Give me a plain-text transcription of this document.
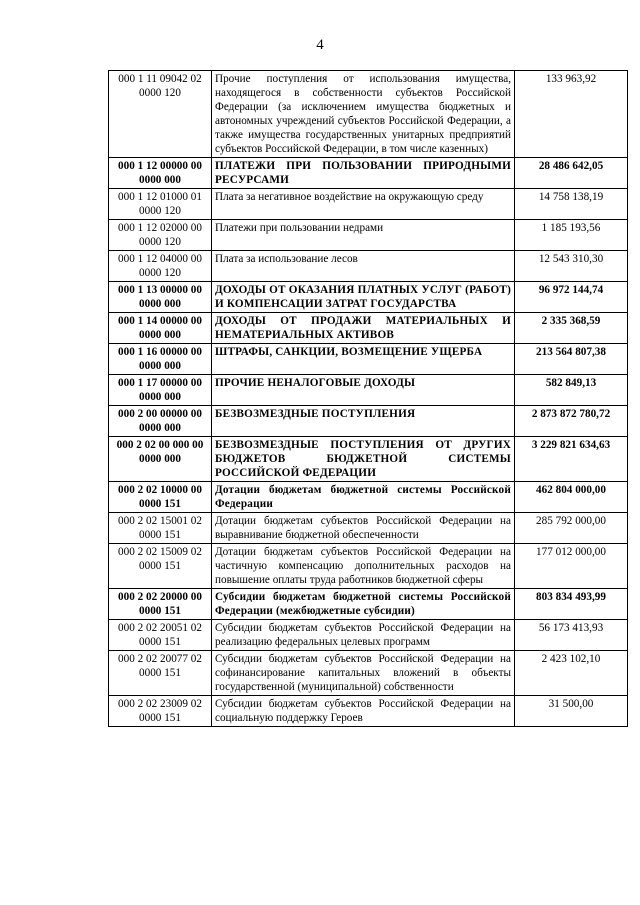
4
000 1 11 09042 02 0000 120	Прочие поступления от использования имущества, находящегося в собственности субъектов Российской Федерации (за исключением имущества бюджетных и автономных учреждений субъектов Российской Федерации, а также имущества государственных унитарных предприятий субъектов Российской Федерации, в том числе казенных)	133 963,92
000 1 12 00000 00 0000 000	ПЛАТЕЖИ ПРИ ПОЛЬЗОВАНИИ ПРИРОДНЫМИ РЕСУРСАМИ	28 486 642,05
000 1 12 01000 01 0000 120	Плата за негативное воздействие на окружающую среду	14 758 138,19
000 1 12 02000 00 0000 120	Платежи при пользовании недрами	1 185 193,56
000 1 12 04000 00 0000 120	Плата за использование лесов	12 543 310,30
000 1 13 00000 00 0000 000	ДОХОДЫ ОТ ОКАЗАНИЯ ПЛАТНЫХ УСЛУГ (РАБОТ) И КОМПЕНСАЦИИ ЗАТРАТ ГОСУДАРСТВА	96 972 144,74
000 1 14 00000 00 0000 000	ДОХОДЫ ОТ ПРОДАЖИ МАТЕРИАЛЬНЫХ И НЕМАТЕРИАЛЬНЫХ АКТИВОВ	2 335 368,59
000 1 16 00000 00 0000 000	ШТРАФЫ, САНКЦИИ, ВОЗМЕЩЕНИЕ УЩЕРБА	213 564 807,38
000 1 17 00000 00 0000 000	ПРОЧИЕ НЕНАЛОГОВЫЕ ДОХОДЫ	582 849,13
000 2 00 00000 00 0000 000	БЕЗВОЗМЕЗДНЫЕ ПОСТУПЛЕНИЯ	2 873 872 780,72
000 2 02 00 000 00 0000 000	БЕЗВОЗМЕЗДНЫЕ ПОСТУПЛЕНИЯ ОТ ДРУГИХ БЮДЖЕТОВ БЮДЖЕТНОЙ СИСТЕМЫ РОССИЙСКОЙ ФЕДЕРАЦИИ	3 229 821 634,63
000 2 02 10000 00 0000 151	Дотации бюджетам бюджетной системы Российской Федерации	462 804 000,00
000 2 02 15001 02 0000 151	Дотации бюджетам субъектов Российской Федерации на выравнивание бюджетной обеспеченности	285 792 000,00
000 2 02 15009 02 0000 151	Дотации бюджетам субъектов Российской Федерации на частичную компенсацию дополнительных расходов на повышение оплаты труда работников бюджетной сферы	177 012 000,00
000 2 02 20000 00 0000 151	Субсидии бюджетам бюджетной системы Российской Федерации (межбюджетные субсидии)	803 834 493,99
000 2 02 20051 02 0000 151	Субсидии бюджетам субъектов Российской Федерации на реализацию федеральных целевых программ	56 173 413,93
000 2 02 20077 02 0000 151	Субсидии бюджетам субъектов Российской Федерации на софинансирование капитальных вложений в объекты государственной (муниципальной) собственности	2 423 102,10
000 2 02 23009 02 0000 151	Субсидии бюджетам субъектов Российской Федерации на социальную поддержку Героев	31 500,00
